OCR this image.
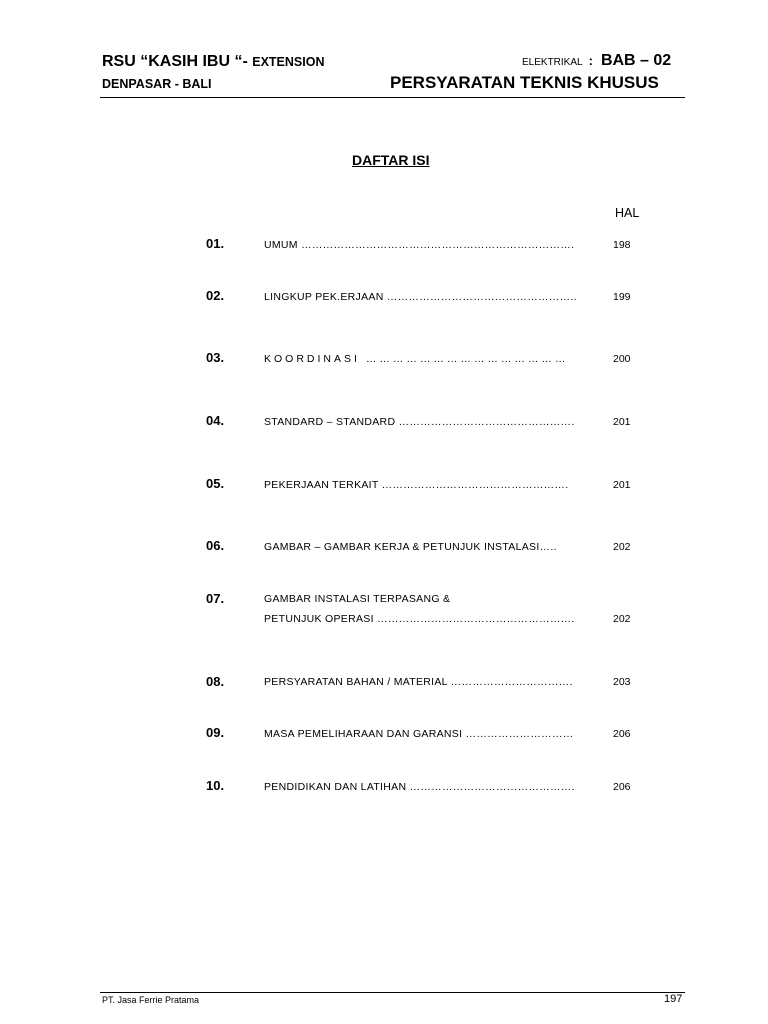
RSU “KASIH IBU “- EXTENSION
DENPASAR - BALI
ELEKTRIKAL : BAB – 02
PERSYARATAN TEKNIS KHUSUS
DAFTAR ISI
HAL
01.	UMUM ………………………………………………………………….	198
02.	LINGKUP PEK.ERJAAN ……………………………………………..	199
03.	KOORDINASI ………………………………………	200
04.	STANDARD – STANDARD ………………………………………….	201
05.	PEKERJAAN TERKAIT …………………………………………….	201
06.	GAMBAR – GAMBAR KERJA & PETUNJUK INSTALASI…..	202
07.	GAMBAR INSTALASI TERPASANG &
PETUNJUK OPERASI ……………………………………………….	202
08.	PERSYARATAN BAHAN / MATERIAL …………………………….	203
09.	MASA PEMELIHARAAN DAN GARANSI …………………………	206
10.	PENDIDIKAN DAN LATIHAN ……………………………………….	206
PT. Jasa Ferrie Pratama	197
